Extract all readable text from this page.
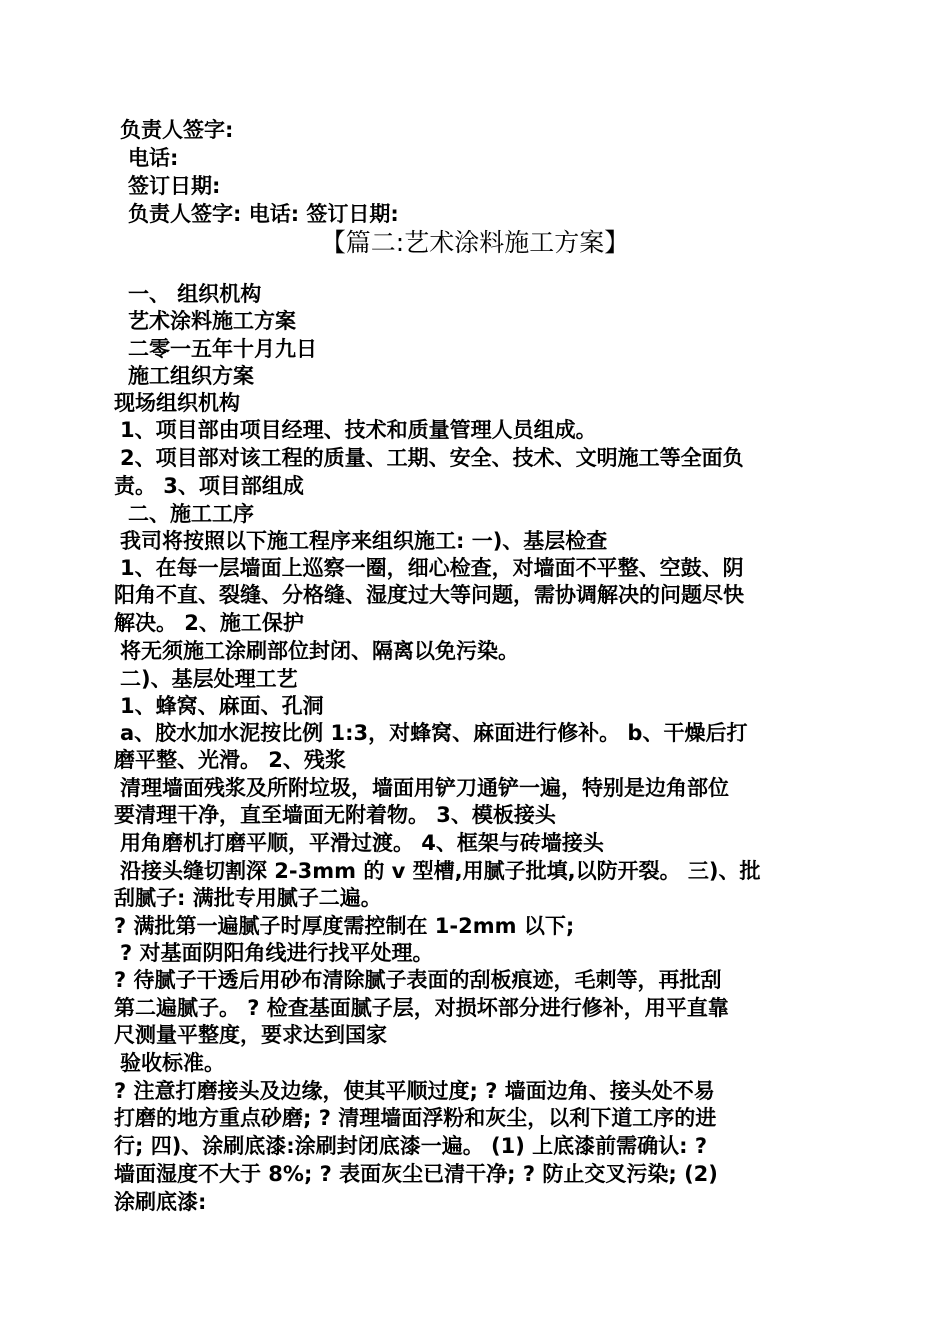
负责人签字:
电话:
签订日期:
负责人签字: 电话: 签订日期:
【篇二:艺术涂料施工方案】
一、 组织机构
艺术涂料施工方案
二零一五年十月九日
施工组织方案
现场组织机构
1、项目部由项目经理、技术和质量管理人员组成。
2、项目部对该工程的质量、工期、安全、技术、文明施工等全面负
责。 3、项目部组成
二、施工工序
我司将按照以下施工程序来组织施工: 一)、基层检查
1、在每一层墙面上巡察一圈，细心检查，对墙面不平整、空鼓、阴
阳角不直、裂缝、分格缝、湿度过大等问题，需协调解决的问题尽快
解决。 2、施工保护
将无须施工涂刷部位封闭、隔离以免污染。
二)、基层处理工艺
1、蜂窝、麻面、孔洞
a、胶水加水泥按比例 1:3，对蜂窝、麻面进行修补。 b、干燥后打
磨平整、光滑。 2、残浆
清理墙面残浆及所附垃圾，墙面用铲刀通铲一遍，特别是边角部位
要清理干净，直至墙面无附着物。 3、模板接头
用角磨机打磨平顺，平滑过渡。 4、框架与砖墙接头
沿接头缝切割深 2-3mm 的 v 型槽,用腻子批填,以防开裂。 三)、批
刮腻子: 满批专用腻子二遍。
? 满批第一遍腻子时厚度需控制在 1-2mm 以下;
? 对基面阴阳角线进行找平处理。
? 待腻子干透后用砂布清除腻子表面的刮板痕迹，毛刺等，再批刮
第二遍腻子。 ? 检查基面腻子层，对损坏部分进行修补，用平直靠
尺测量平整度，要求达到国家
验收标准。
? 注意打磨接头及边缘，使其平顺过度; ? 墙面边角、接头处不易
打磨的地方重点砂磨; ? 清理墙面浮粉和灰尘，以利下道工序的进
行; 四)、涂刷底漆:涂刷封闭底漆一遍。 (1) 上底漆前需确认: ?
墙面湿度不大于 8%; ? 表面灰尘已清干净; ? 防止交叉污染; (2)
涂刷底漆:
